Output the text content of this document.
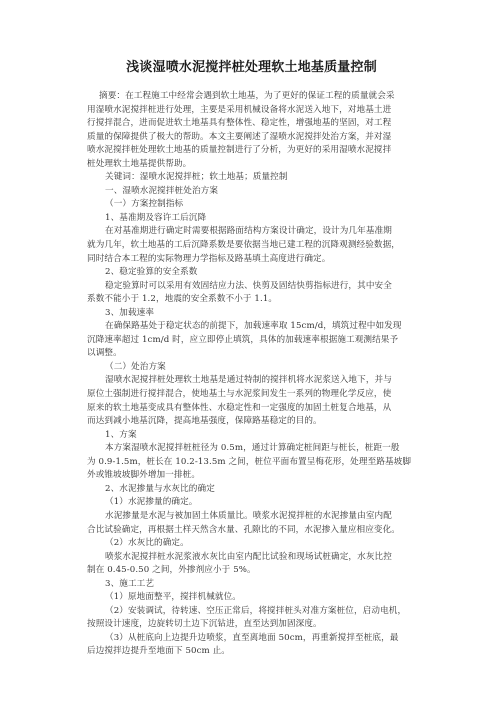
浅谈湿喷水泥搅拌桩处理软土地基质量控制

摘要：在工程施工中经常会遇到软土地基，为了更好的保证工程的质量就会采

用湿喷水泥搅拌桩进行处理，主要是采用机械设备将水泥送入地下，对地基土进

行搅拌混合，进而促进软土地基具有整体性、稳定性，增强地基的坚固，对工程

质量的保障提供了极大的帮助。本文主要阐述了湿喷水泥搅拌处治方案，并对湿

喷水泥搅拌桩处理软土地基的质量控制进行了分析，为更好的采用湿喷水泥搅拌

桩处理软土地基提供帮助。

关键词：湿喷水泥搅拌桩；软土地基；质量控制

一、湿喷水泥搅拌桩处治方案

（一）方案控制指标

1、基准期及容许工后沉降

在对基准期进行确定时需要根据路面结构方案设计确定，设计为几年基准期

就为几年，软土地基的工后沉降系数是要依据当地已建工程的沉降观测经验数据，

同时结合本工程的实际物理力学指标及路基填土高度进行确定。

2、稳定验算的安全系数

稳定验算时可以采用有效固结应力法、快剪及固结快剪指标进行，其中安全

系数不能小于 1.2，地震的安全系数不小于 1.1。

3、加载速率

在确保路基处于稳定状态的前提下，加载速率取 15cm/d，填筑过程中如发现

沉降速率超过 1cm/d 时，应立即停止填筑，具体的加载速率根据施工观测结果予

以调整。

（二）处治方案

湿喷水泥搅拌桩处理软土地基是通过特制的搅拌机将水泥浆送入地下，并与

原位土强制进行搅拌混合，使地基土与水泥浆间发生一系列的物理化学反应，使

原来的软土地基变成具有整体性、水稳定性和一定强度的加固土桩复合地基，从

而达到减小地基沉降，提高地基强度，保障路基稳定的目的。

1、方案

本方案湿喷水泥搅拌桩桩径为 0.5m，通过计算确定桩间距与桩长，桩距一般

为 0.9-1.5m，桩长在 10.2-13.5m 之间，桩位平面布置呈梅花形，处理至路基坡脚

外或锥坡坡脚外增加一排桩。

2、水泥掺量与水灰比的确定

（1）水泥掺量的确定。

水泥掺量是水泥与被加固土体质量比。喷浆水泥搅拌桩的水泥掺量由室内配

合比试验确定，再根据土样天然含水量、孔隙比的不同，水泥掺入量应相应变化。

（2）水灰比的确定。

喷浆水泥搅拌桩水泥浆液水灰比由室内配比试验和现场试桩确定，水灰比控

制在 0.45-0.50 之间，外掺剂应小于 5%。

3、施工工艺

（1）原地面整平，搅拌机械就位。

（2）安装调试，待转速、空压正常后，将搅拌桩头对准方案桩位，启动电机，

按照设计速度，边旋转切土边下沉钻进，直至达到加固深度。

（3）从桩底向上边提升边喷浆，直至离地面 50cm，再重新搅拌至桩底，最

后边搅拌边提升至地面下 50cm 止。
